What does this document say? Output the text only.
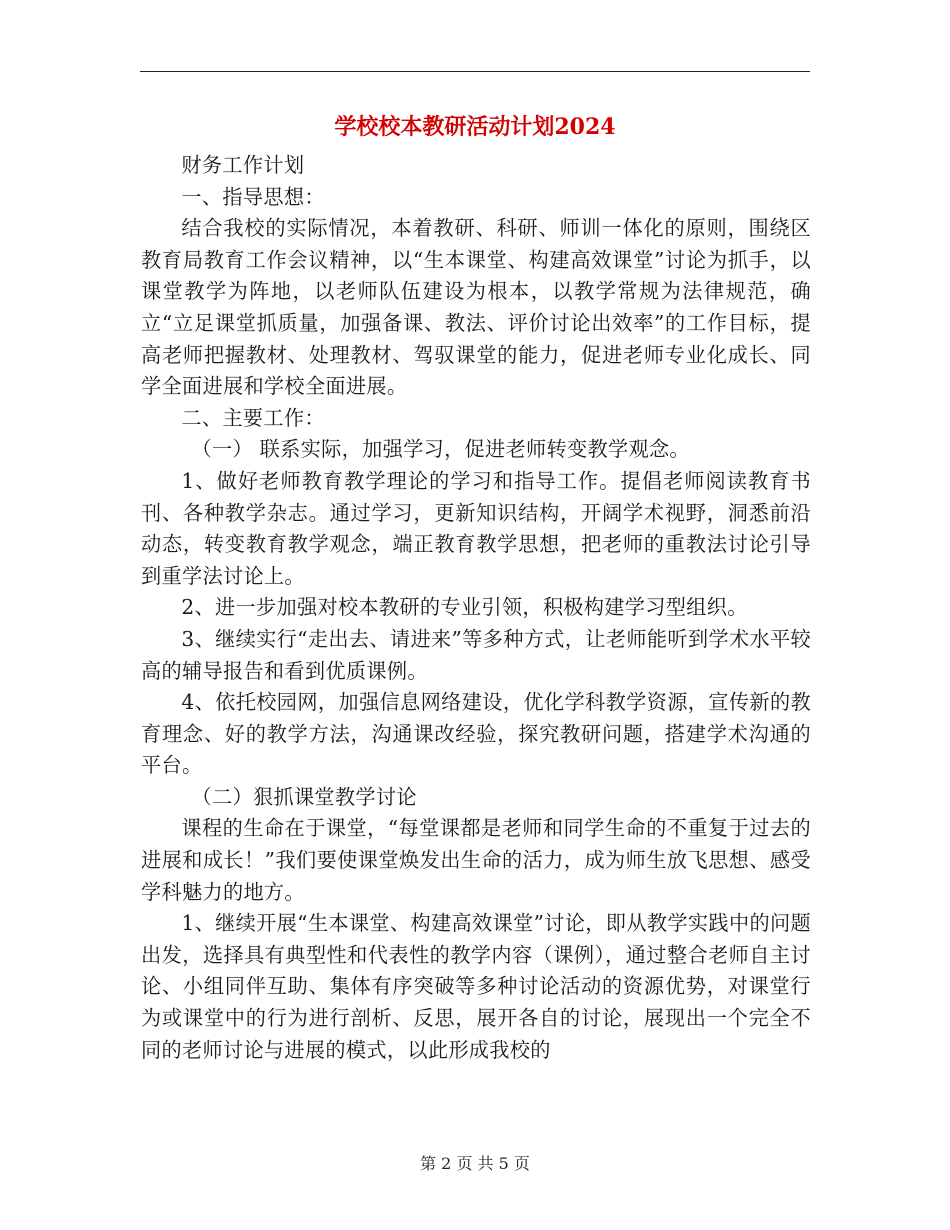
学校校本教研活动计划2024

财务工作计划

一、指导思想：

结合我校的实际情况，本着教研、科研、师训一体化的原则，围绕区教育局教育工作会议精神，以“生本课堂、构建高效课堂”讨论为抓手，以课堂教学为阵地，以老师队伍建设为根本，以教学常规为法律规范，确立“立足课堂抓质量，加强备课、教法、评价讨论出效率”的工作目标，提高老师把握教材、处理教材、驾驭课堂的能力，促进老师专业化成长、同学全面进展和学校全面进展。

二、主要工作：

（一） 联系实际，加强学习，促进老师转变教学观念。

1、做好老师教育教学理论的学习和指导工作。提倡老师阅读教育书刊、各种教学杂志。通过学习，更新知识结构，开阔学术视野，洞悉前沿动态，转变教育教学观念，端正教育教学思想，把老师的重教法讨论引导到重学法讨论上。

2、进一步加强对校本教研的专业引领，积极构建学习型组织。

3、继续实行“走出去、请进来”等多种方式，让老师能听到学术水平较高的辅导报告和看到优质课例。

4、依托校园网，加强信息网络建设，优化学科教学资源，宣传新的教育理念、好的教学方法，沟通课改经验，探究教研问题，搭建学术沟通的平台。

（二）狠抓课堂教学讨论

课程的生命在于课堂，“每堂课都是老师和同学生命的不重复于过去的进展和成长！”我们要使课堂焕发出生命的活力，成为师生放飞思想、感受学科魅力的地方。

1、继续开展“生本课堂、构建高效课堂”讨论，即从教学实践中的问题出发，选择具有典型性和代表性的教学内容（课例），通过整合老师自主讨论、小组同伴互助、集体有序突破等多种讨论活动的资源优势，对课堂行为或课堂中的行为进行剖析、反思，展开各自的讨论，展现出一个完全不同的老师讨论与进展的模式，以此形成我校的

第 2 页 共 5 页
